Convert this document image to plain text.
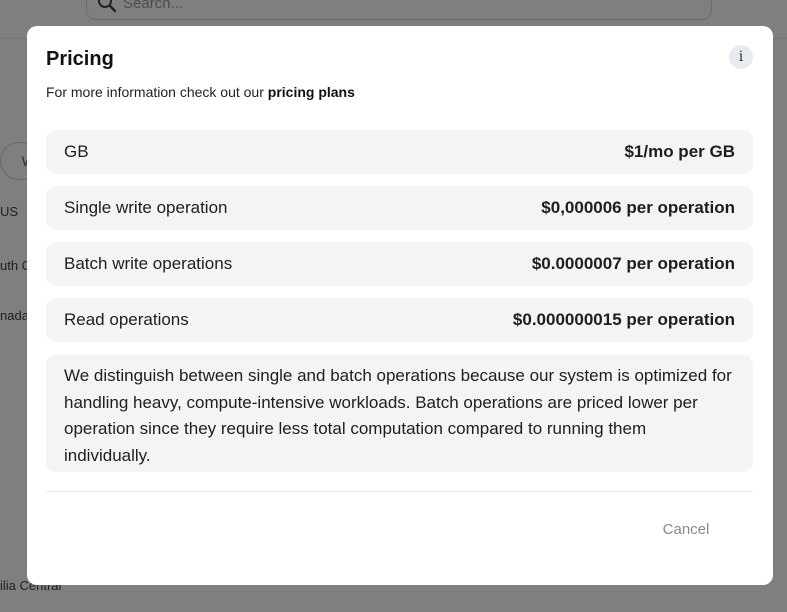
Pricing
For more information check out our pricing plans
i
GB	$1/mo per GB
Single write operation	$0,000006 per operation
Batch write operations	$0.0000007 per operation
Read operations	$0.000000015 per operation
We distinguish between single and batch operations because our system is optimized for handling heavy, compute-intensive workloads. Batch operations are priced lower per operation since they require less total computation compared to running them individually.
Cancel
